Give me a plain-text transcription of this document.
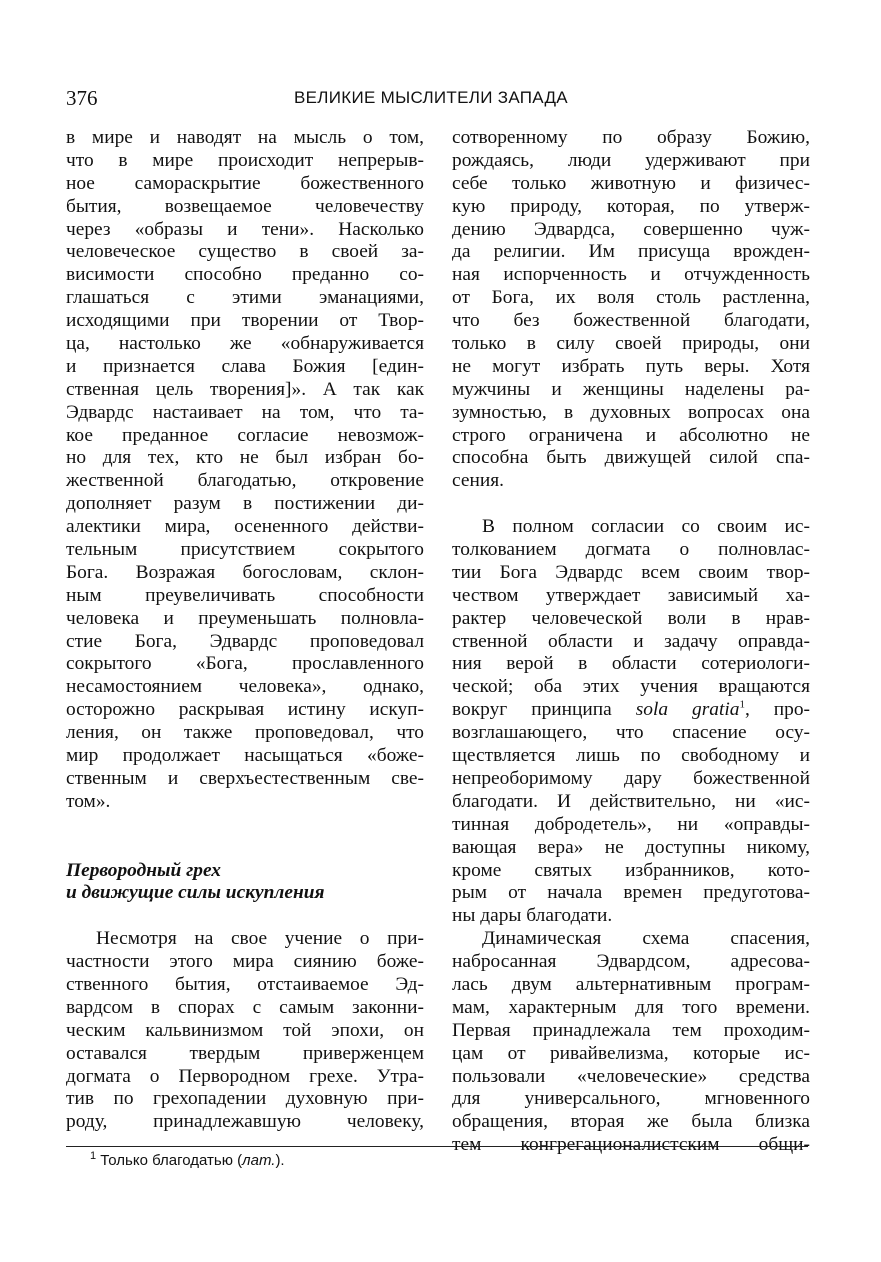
376	ВЕЛИКИЕ МЫСЛИТЕЛИ ЗАПАДА
в мире и наводят на мысль о том,
что в мире происходит непрерыв-
ное самораскрытие божественного
бытия, возвещаемое человечеству
через «образы и тени». Насколько
человеческое существо в своей за-
висимости способно преданно со-
глашаться с этими эманациями,
исходящими при творении от Твор-
ца, настолько же «обнаруживается
и признается слава Божия [един-
ственная цель творения]». А так как
Эдвардс настаивает на том, что та-
кое преданное согласие невозмож-
но для тех, кто не был избран бо-
жественной благодатью, откровение
дополняет разум в постижении ди-
алектики мира, осененного действи-
тельным присутствием сокрытого
Бога. Возражая богословам, склон-
ным преувеличивать способности
человека и преуменьшать полновла-
стие Бога, Эдвардс проповедовал
сокрытого «Бога, прославленного
несамостоянием человека», однако,
осторожно раскрывая истину искуп-
ления, он также проповедовал, что
мир продолжает насыщаться «боже-
ственным и сверхъестественным све-
том».
Первородный грех
и движущие силы искупления
Несмотря на свое учение о при-
частности этого мира сиянию боже-
ственного бытия, отстаиваемое Эд-
вардсом в спорах с самым законни-
ческим кальвинизмом той эпохи, он
оставался твердым приверженцем
догмата о Первородном грехе. Утра-
тив по грехопадении духовную при-
роду, принадлежавшую человеку,
сотворенному по образу Божию,
рождаясь, люди удерживают при
себе только животную и физичес-
кую природу, которая, по утверж-
дению Эдвардса, совершенно чуж-
да религии. Им присуща врожден-
ная испорченность и отчужденность
от Бога, их воля столь растленна,
что без божественной благодати,
только в силу своей природы, они
не могут избрать путь веры. Хотя
мужчины и женщины наделены ра-
зумностью, в духовных вопросах она
строго ограничена и абсолютно не
способна быть движущей силой спа-
сения.
В полном согласии со своим ис-
толкованием догмата о полновлас-
тии Бога Эдвардс всем своим твор-
чеством утверждает зависимый ха-
рактер человеческой воли в нрав-
ственной области и задачу оправда-
ния верой в области сотериологи-
ческой; оба этих учения вращаются
вокруг принципа sola gratia$^1$, про-
возглашающего, что спасение осу-
ществляется лишь по свободному и
непреоборимому дару божественной
благодати. И действительно, ни «ис-
тинная добродетель», ни «оправды-
вающая вера» не доступны никому,
кроме святых избранников, кото-
рым от начала времен предуготова-
ны дары благодати.
Динамическая схема спасения,
набросанная Эдвардсом, адресова-
лась двум альтернативным програм-
мам, характерным для того времени.
Первая принадлежала тем проходим-
цам от ривайвелизма, которые ис-
пользовали «человеческие» средства
для универсального, мгновенного
обращения, вторая же была близка
тем конгрегационалистским общи-
$^1$ Только благодатью (лат.).
